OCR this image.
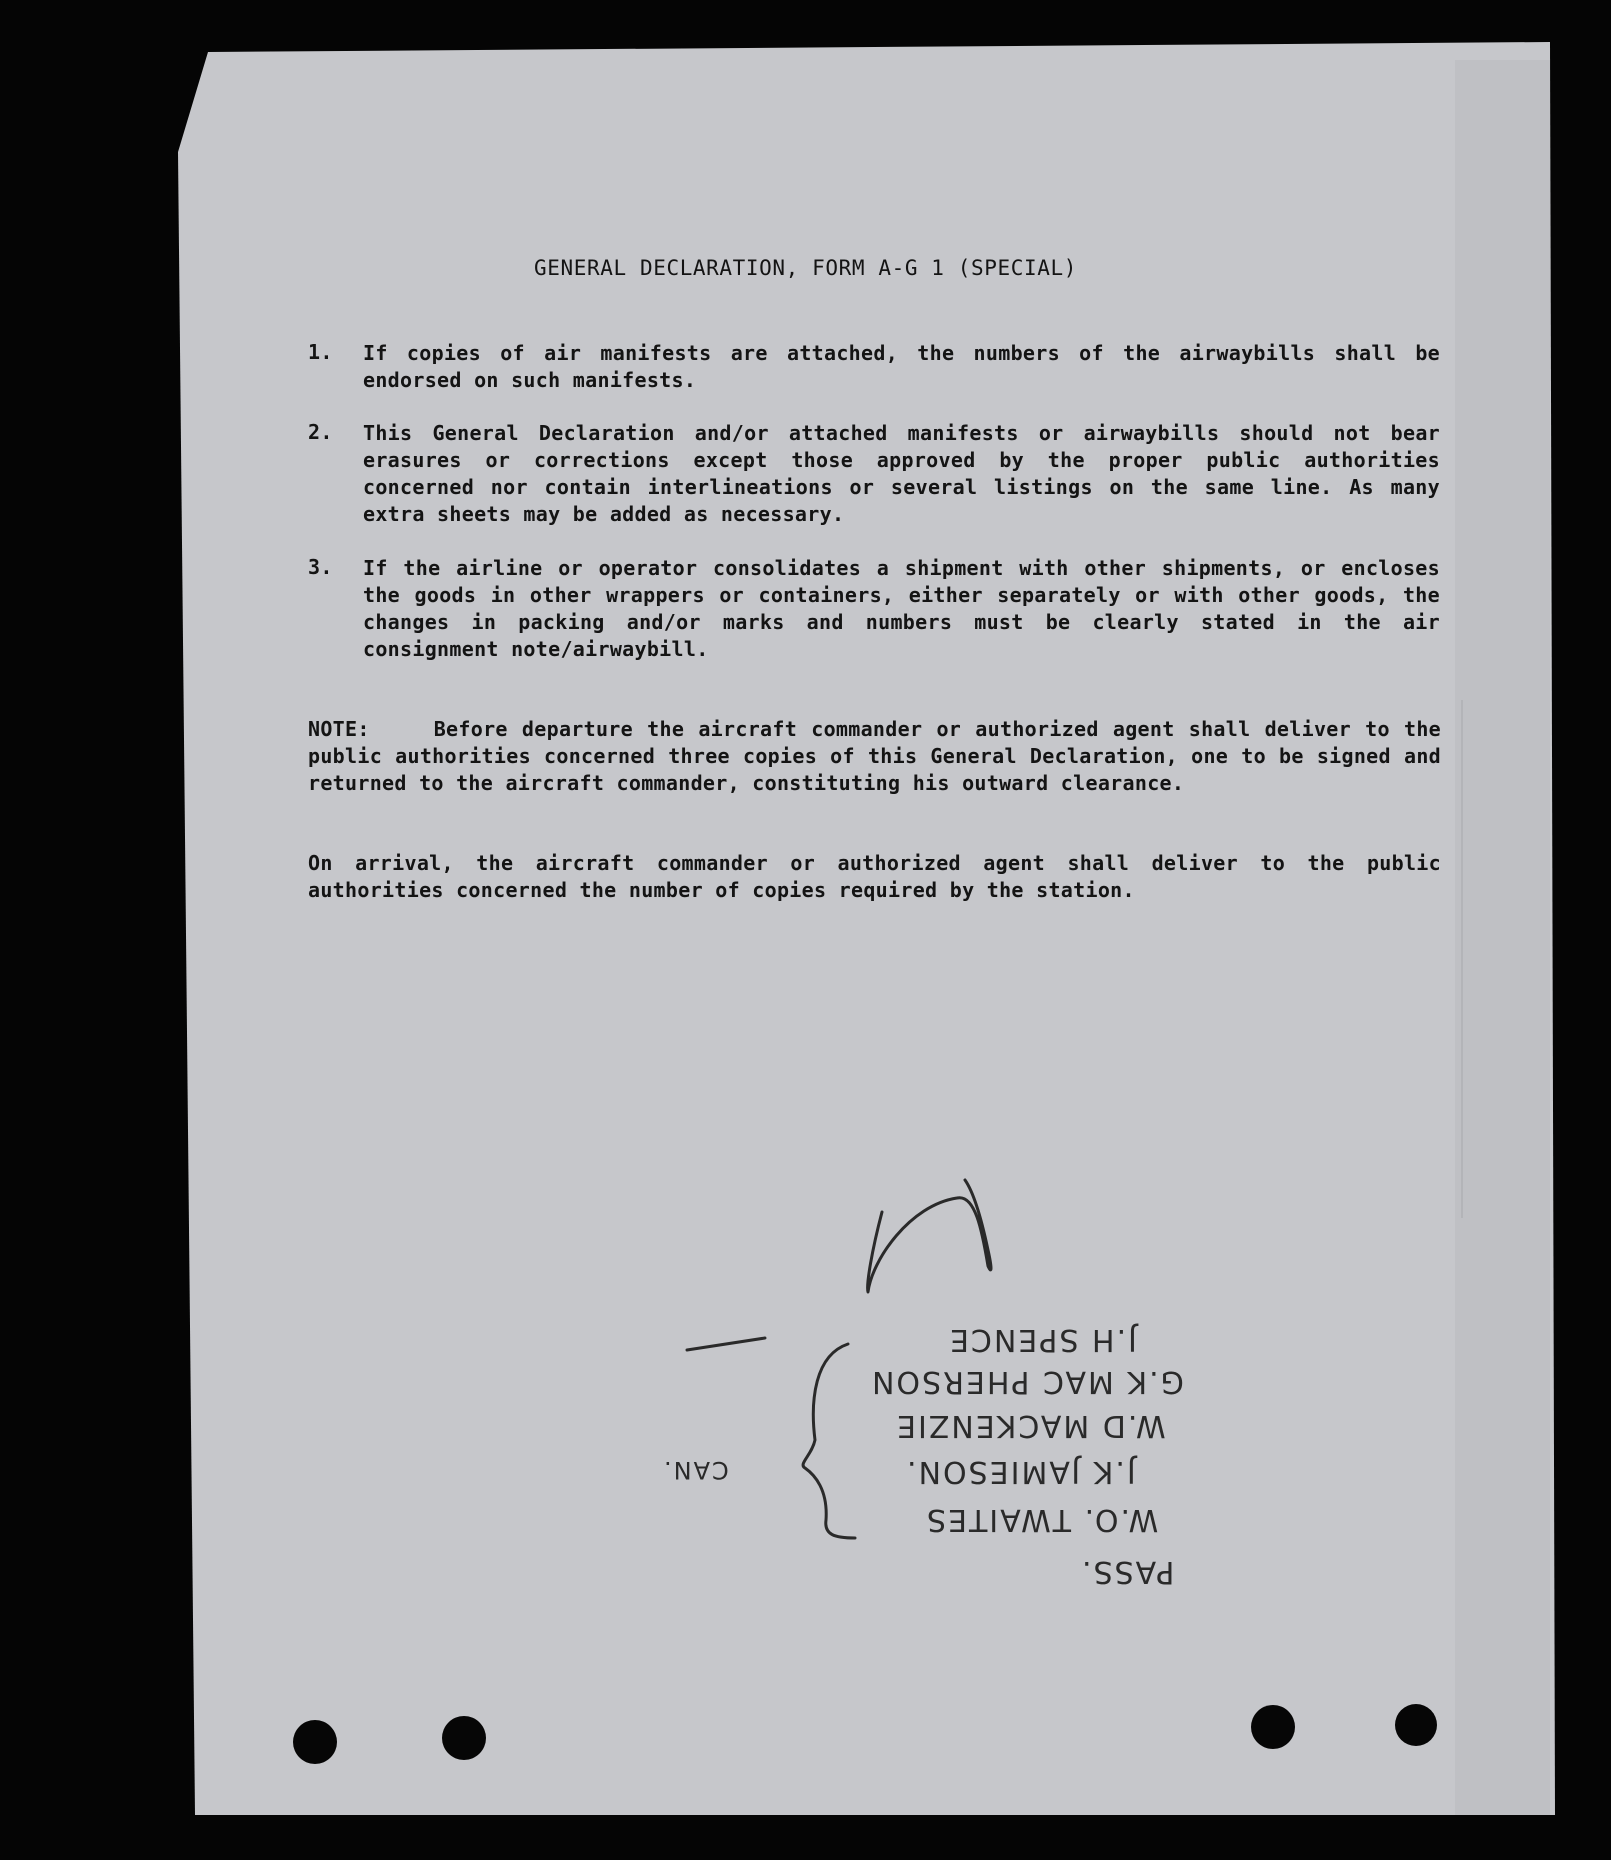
GENERAL DECLARATION, FORM A-G 1 (SPECIAL)
1.	If copies of air manifests are attached, the numbers of the airwaybills shall be endorsed on such manifests.
2.	This General Declaration and/or attached manifests or airwaybills should not bear erasures or corrections except those approved by the proper public authorities concerned nor contain interlineations or several listings on the same line. As many extra sheets may be added as necessary.
3.	If the airline or operator consolidates a shipment with other shipments, or encloses the goods in other wrappers or containers, either separately or with other goods, the changes in packing and/or marks and numbers must be clearly stated in the air consignment note/airwaybill.
NOTE:	Before departure the aircraft commander or authorized agent shall deliver to the public authorities concerned three copies of this General Declaration, one to be signed and returned to the aircraft commander, constituting his outward clearance.
On arrival, the aircraft commander or authorized agent shall deliver to the public authorities concerned the number of copies required by the station.
J.H SPENCE
G.K MAC PHERSON
W.D MACKENZIE
J.K JAMIESON.
W.O. TWAITES
CAN.
PASS.
